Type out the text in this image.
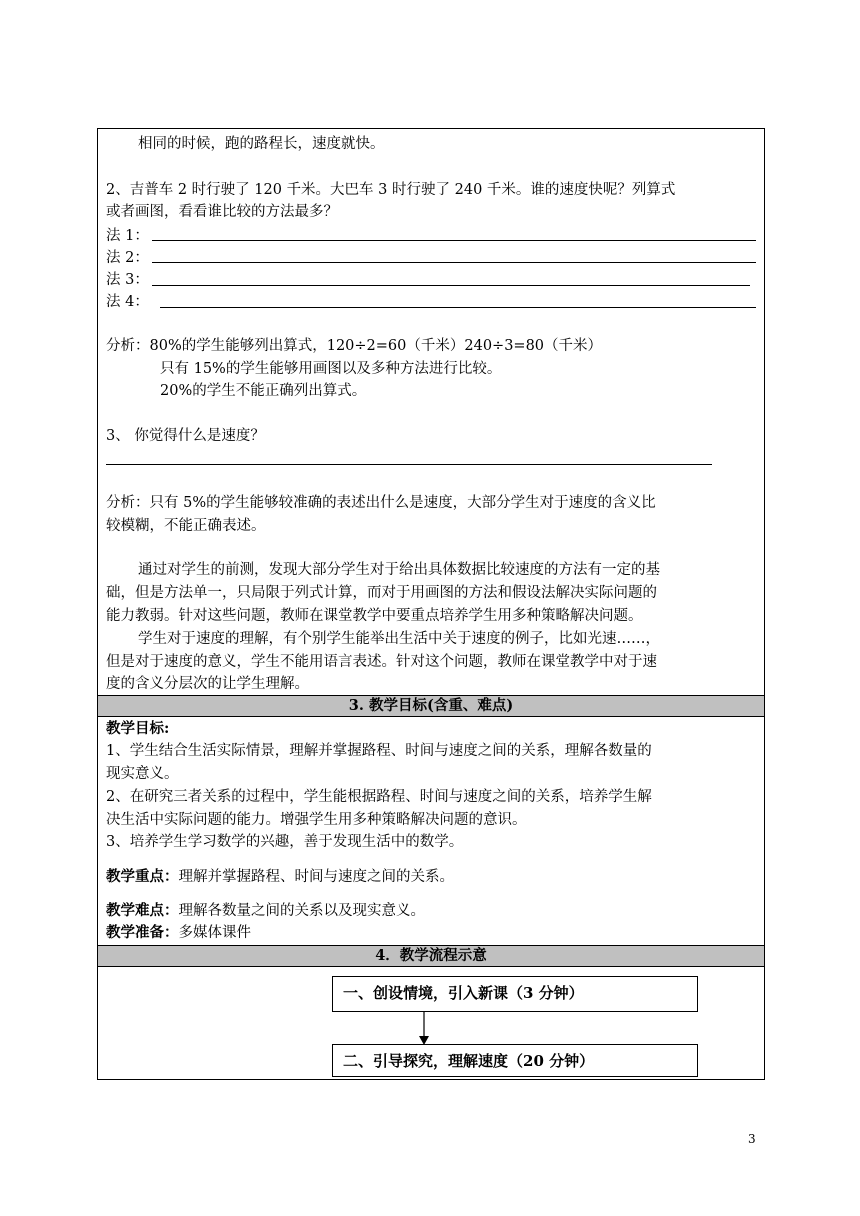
相同的时候，跑的路程长，速度就快。
2、吉普车 2 时行驶了 120 千米。大巴车 3 时行驶了 240 千米。谁的速度快呢？列算式
或者画图，看看谁比较的方法最多？
法 1：
法 2：
法 3：
法 4：
分析：80%的学生能够列出算式，120÷2=60（千米）240÷3=80（千米）
只有 15%的学生能够用画图以及多种方法进行比较。
20%的学生不能正确列出算式。
3、 你觉得什么是速度？
分析：只有 5%的学生能够较准确的表述出什么是速度，大部分学生对于速度的含义比
较模糊，不能正确表述。
通过对学生的前测，发现大部分学生对于给出具体数据比较速度的方法有一定的基
础，但是方法单一，只局限于列式计算，而对于用画图的方法和假设法解决实际问题的
能力教弱。针对这些问题，教师在课堂教学中要重点培养学生用多种策略解决问题。
学生对于速度的理解，有个别学生能举出生活中关于速度的例子，比如光速……，
但是对于速度的意义，学生不能用语言表述。针对这个问题，教师在课堂教学中对于速
度的含义分层次的让学生理解。
3. 教学目标(含重、难点)
教学目标:
1、学生结合生活实际情景，理解并掌握路程、时间与速度之间的关系，理解各数量的
现实意义。
2、在研究三者关系的过程中，学生能根据路程、时间与速度之间的关系，培养学生解
决生活中实际问题的能力。增强学生用多种策略解决问题的意识。
3、培养学生学习数学的兴趣，善于发现生活中的数学。
教学重点：理解并掌握路程、时间与速度之间的关系。
教学难点：理解各数量之间的关系以及现实意义。
教学准备：多媒体课件
4．教学流程示意
一、创设情境，引入新课（3 分钟）
二、引导探究，理解速度（20 分钟）
3
